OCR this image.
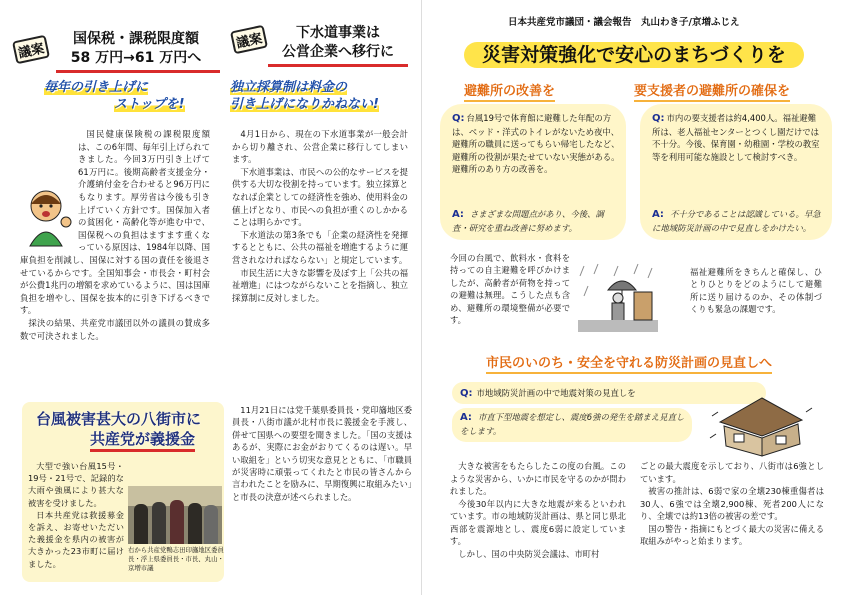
議案
国保税・課税限度額
58 万円→61 万円へ
毎年の引き上げに
ストップを!

国民健康保険税の課税限度額は、この6年間、毎年引上げられてきました。今回3万円引き上げて61万円に。後期高齢者支援金分・介護納付金を合わせると96万円にもなります。厚労省は今後も引き上げていく方針です。国保加入者の貧困化・高齢化等が進む中で、国保税への負担はますます重くなっている原因は、1984年以降、国庫負担を削減し、国保に対する国の責任を後退させているからです。全国知事会・市長会・町村会が公費1兆円の増額を求めているように、国は国庫負担を増やし、国保を抜本的に引き下げるべきです。

採決の結果、共産党市議団以外の議員の賛成多数で可決されました。

議案	下水道事業は
公営企業へ移行に
独立採算制は料金の
引き上げになりかねない!

4月1日から、現在の下水道事業が一般会計から切り離され、公営企業に移行してしまいます。

下水道事業は、市民への公的なサービスを提供する大切な役割を持っています。独立採算となれば企業としての経済性を強め、使用料金の値上げとなり、市民への負担が重くのしかかることは明らかです。

下水道法の第3条でも「企業の経済性を発揮するとともに、公共の福祉を増進するように運営されなければならない」と規定しています。

市民生活に大きな影響を及ぼす上「公共の福祉増進」にはつながらないことを指摘し、独立採算制に反対しました。

台風被害甚大の八街市に
共産党が義援金

大型で強い台風15号・19号・21号で、記録的な大雨や強風により甚大な被害を受けました。

日本共産党は救援募金を訴え、お寄せいただいた義援金を県内の被害が大きかった23市町に届けました。

右から共産党鴨志田印旛地区委員長・浮上県委員長・市長、丸山・京増市議

11月21日には党千葉県委員長・党印旛地区委員長・八街市議が北村市長に義援金を手渡し、併せて国県への要望を聞きました。「国の支援はあるが、実際にお金がおりてくるのは遅い。早い取組を」という切実な意見とともに、「市職員が災害時に頑張ってくれたと市民の皆さんから言われたことを励みに、早期復興に取組みたい」と市長の決意が述べられました。

日本共産党市議団・議会報告　丸山わき子/京増ふじえ
災害対策強化で安心のまちづくりを
避難所の改善を
Q: 台風19号で体育館に避難した年配の方は、ベッド・洋式のトイレがないため夜中、避難所の職員に送ってもらい帰宅したなど、避難所の役割が果たせていない実態がある。避難所のあり方の改善を。
A: さまざまな問題点があり、今後、調査・研究を重ね改善に努めます。
今回の台風で、飲料水・食料を持っての自主避難を呼びかけましたが、高齢者が荷物を持っての避難は無理。こうした点も含め、避難所の環境整備が必要です。
要支援者の避難所の確保を
Q: 市内の要支援者は約4,400人。福祉避難所は、老人福祉センターとつくし園だけでは不十分。今後、保育園・幼稚園・学校の教室等を利用可能な施設として検討すべき。
A: 不十分であることは認識している。早急に地域防災計画の中で見直しをかけたい。
福祉避難所をきちんと確保し、ひとりひとりをどのようにして避難所に送り届けるのか、その体制づくりも緊急の課題です。
市民のいのち・安全を守れる防災計画の見直しへ
Q: 市地域防災計画の中で地震対策の見直しを
A: 市直下型地震を想定し、震度6強の発生を踏まえ見直しをします。

大きな被害をもたらしたこの度の台風。このような災害から、いかに市民を守るのかが問われました。

今後30年以内に大きな地震が来るといわれています。市の地域防災計画は、県と同じ県北西部を震源地とし、震度6弱に設定しています。

しかし、国の中央防災会議は、市町村

ごとの最大震度を示しており、八街市は6強としています。

被害の推計は、6弱で家の全壊230棟重傷者は30人、6強では全壊2,900棟、死者200人になり、全壊では約13倍の被害の差です。

国の警告・指摘にもとづく最大の災害に備える取組みがやっと始まります。
